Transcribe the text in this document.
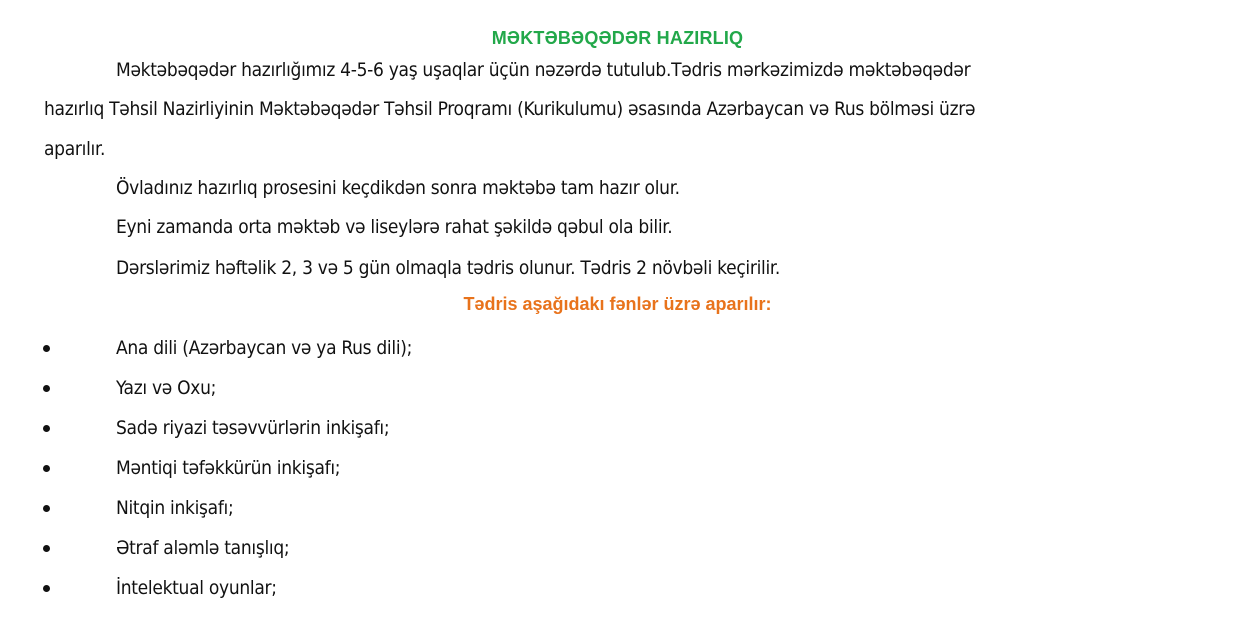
MƏKTƏBƏQƏDƏR HAZIRLIQ
Məktəbəqədər hazırlığımız 4-5-6 yaş uşaqlar üçün nəzərdə tutulub.Tədris mərkəzimizdə məktəbəqədər
hazırlıq Təhsil Nazirliyinin Məktəbəqədər Təhsil Proqramı (Kurikulumu) əsasında Azərbaycan və Rus bölməsi üzrə
aparılır.
Övladınız hazırlıq prosesini keçdikdən sonra məktəbə tam hazır olur.
Eyni zamanda orta məktəb və liseylərə rahat şəkildə qəbul ola bilir.
Dərslərimiz həftəlik 2, 3 və 5 gün olmaqla tədris olunur. Tədris 2 növbəli keçirilir.
Tədris aşağıdakı fənlər üzrə aparılır:
Ana dili (Azərbaycan və ya Rus dili);
Yazı və Oxu;
Sadə riyazi təsəvvürlərin inkişafı;
Məntiqi təfəkkürün inkişafı;
Nitqin inkişafı;
Ətraf aləmlə tanışlıq;
İntelektual oyunlar;
